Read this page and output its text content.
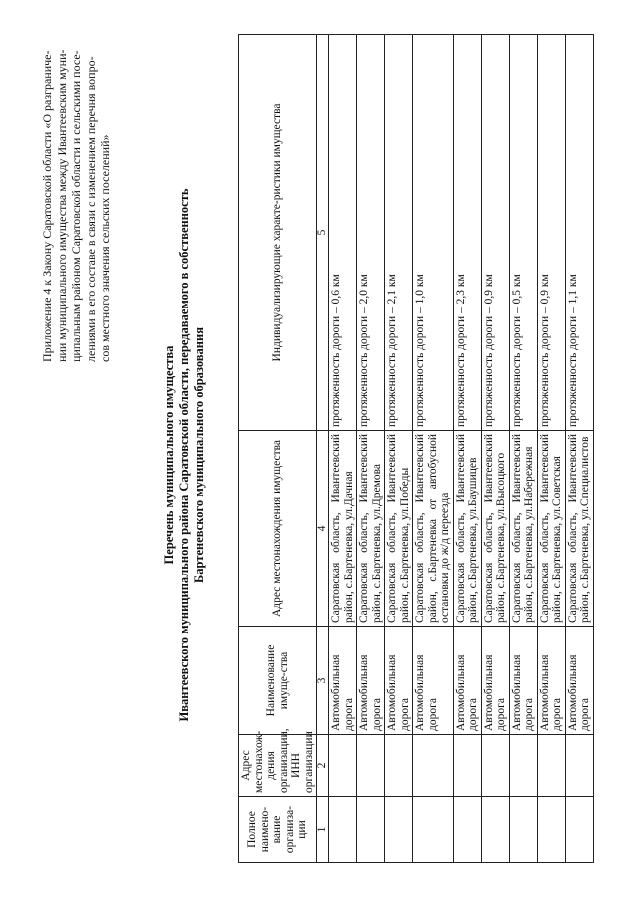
Приложение 4 к Закону Саратовской области «О разграниче- нии муниципального имущества между Ивантеевским муни- ципальным районом Саратовской области и сельскими посе- лениями в его составе в связи с изменением перечня вопро- сов местного значения сельских поселений»

Перечень муниципального имущества Ивантеевского муниципального района Саратовской области, передаваемого в собственность Бартеневского муниципального образования
Полное наимено-вание организа-ции	Адрес местонахож-дения организации, ИНН организации	Наименование имуще-ства	Адрес местонахождения имущества	Индивидуализирующие характе-ристики имущества
1	2	3	4	5
		Автомобильная дорога	Саратовская область, Ивантеевский район, с.Бартеневка, ул.Дачная	протяженность дороги – 0,6 км
		Автомобильная дорога	Саратовская область, Ивантеевский район, с.Бартеневка, ул.Дремова	протяженность дороги – 2,0 км
		Автомобильная дорога	Саратовская область, Ивантеевский район, с.Бартеневка, ул.Победы	протяженность дороги – 2,1 км
		Автомобильная дорога	Саратовская область, Ивантеевский район, с.Бартеневка от автобусной остановки до ж/д переезда	протяженность дороги – 1,0 км
		Автомобильная дорога	Саратовская область, Ивантеевский район, с.Бартеневка, ул.Баушицев	протяженность дороги – 2,3 км
		Автомобильная дорога	Саратовская область, Ивантеевский район, с.Бартеневка, ул.Высоцкого	протяженность дороги – 0,9 км
		Автомобильная дорога	Саратовская область, Ивантеевский район, с.Бартеневка, ул.Набережная	протяженность дороги – 0,5 км
		Автомобильная дорога	Саратовская область, Ивантеевский район, с.Бартеневка, ул.Советская	протяженность дороги – 0,9 км
		Автомобильная дорога	Саратовская область, Ивантеевский район, с.Бартеневка, ул.Специалистов	протяженность дороги – 1,1 км
